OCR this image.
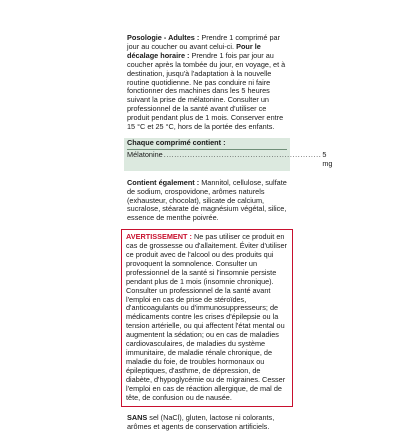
Posologie - Adultes : Prendre 1 comprimé par jour au coucher ou avant celui-ci. Pour le décalage horaire : Prendre 1 fois par jour au coucher après la tombée du jour, en voyage, et à destination, jusqu'à l'adaptation à la nouvelle routine quotidienne. Ne pas conduire ni faire fonctionner des machines dans les 5 heures suivant la prise de mélatonine. Consulter un professionnel de la santé avant d'utiliser ce produit pendant plus de 1 mois. Conserver entre 15 °C et 25 °C, hors de la portée des enfants.

Chaque comprimé contient :
Mélatonine ............................................................ 5 mg

Contient également : Mannitol, cellulose, sulfate de sodium, crospovidone, arômes naturels (exhausteur, chocolat), silicate de calcium, sucralose, stéarate de magnésium végétal, silice, essence de menthe poivrée.

AVERTISSEMENT : Ne pas utiliser ce produit en cas de grossesse ou d'allaitement. Éviter d'utiliser ce produit avec de l'alcool ou des produits qui provoquent la somnolence. Consulter un professionnel de la santé si l'insomnie persiste pendant plus de 1 mois (insomnie chronique). Consulter un professionnel de la santé avant l'emploi en cas de prise de stéroïdes, d'anticoagulants ou d'immunosuppresseurs; de médicaments contre les crises d'épilepsie ou la tension artérielle, ou qui affectent l'état mental ou augmentent la sédation; ou en cas de maladies cardiovasculaires, de maladies du système immunitaire, de maladie rénale chronique, de maladie du foie, de troubles hormonaux ou épileptiques, d'asthme, de dépression, de diabète, d'hypoglycémie ou de migraines. Cesser l'emploi en cas de réaction allergique, de mal de tête, de confusion ou de nausée.

SANS sel (NaCl), gluten, lactose ni colorants, arômes et agents de conservation artificiels.
